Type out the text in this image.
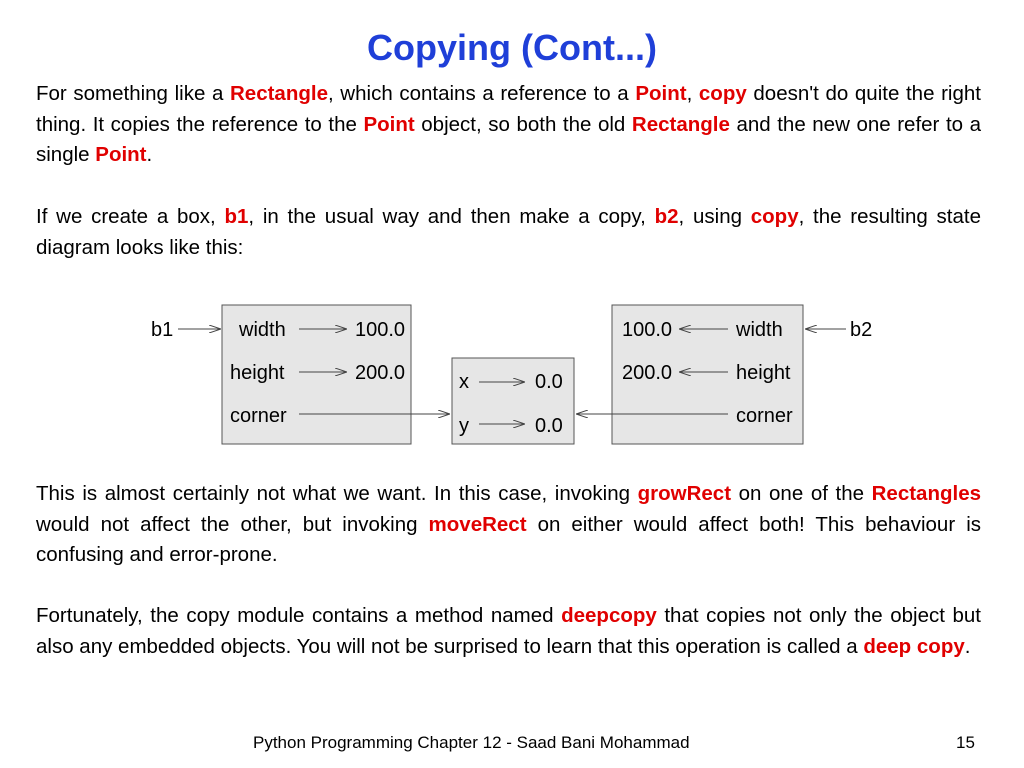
Copying (Cont...)
For something like a Rectangle, which contains a reference to a Point, copy doesn't do quite the right thing. It copies the reference to the Point object, so both the old Rectangle and the new one refer to a single Point.
If we create a box, b1, in the usual way and then make a copy, b2, using copy, the resulting state diagram looks like this:
b1	width	100.0
height	200.0
corner
x	0.0
y	0.0
100.0	width
200.0	height
corner
b2
This is almost certainly not what we want. In this case, invoking growRect on one of the Rectangles would not affect the other, but invoking moveRect on either would affect both! This behaviour is confusing and error-prone.
Fortunately, the copy module contains a method named deepcopy that copies not only the object but also any embedded objects. You will not be surprised to learn that this operation is called a deep copy.
Python Programming Chapter 12 - Saad Bani Mohammad	15
